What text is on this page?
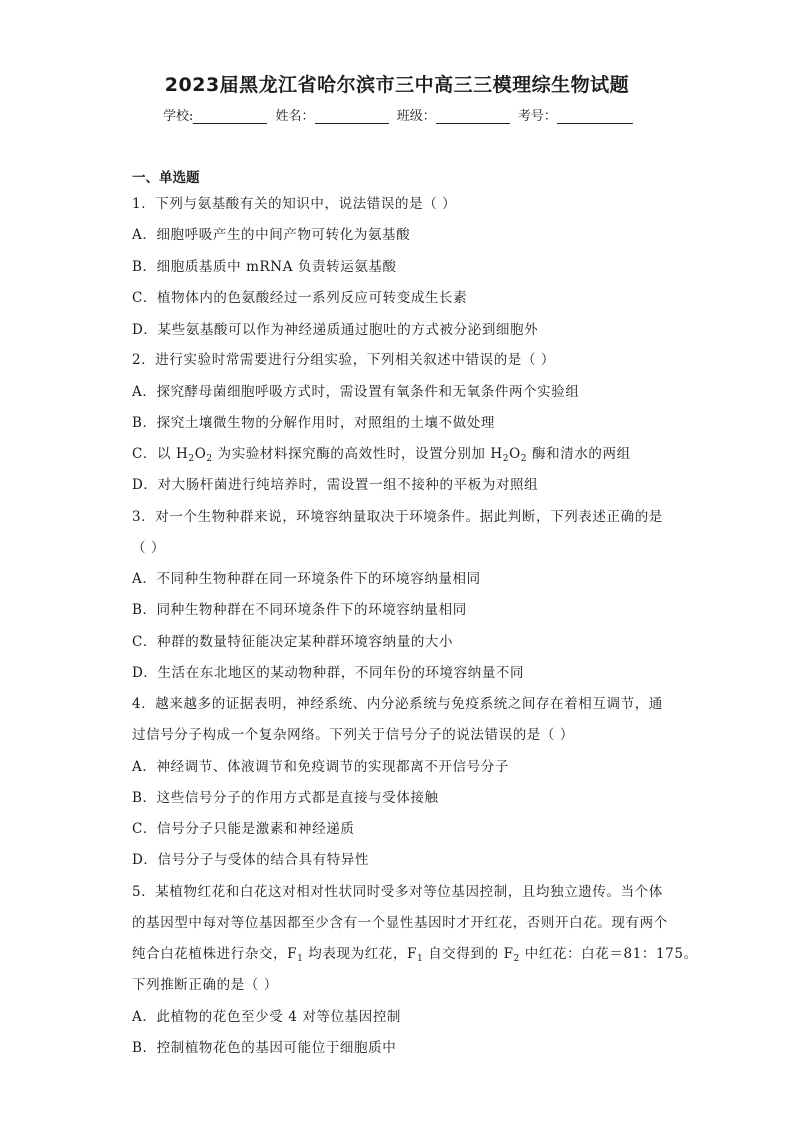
2023届黑龙江省哈尔滨市三中高三三模理综生物试题
学校:	姓名：	班级：	考号：
一、单选题
1．下列与氨基酸有关的知识中，说法错误的是（ ）
A．细胞呼吸产生的中间产物可转化为氨基酸
B．细胞质基质中 mRNA 负责转运氨基酸
C．植物体内的色氨酸经过一系列反应可转变成生长素
D．某些氨基酸可以作为神经递质通过胞吐的方式被分泌到细胞外
2．进行实验时常需要进行分组实验，下列相关叙述中错误的是（ ）
A．探究酵母菌细胞呼吸方式时，需设置有氧条件和无氧条件两个实验组
B．探究土壤微生物的分解作用时，对照组的土壤不做处理
C．以 $H_2O_2$ 为实验材料探究酶的高效性时，设置分别加 $H_2O_2$ 酶和清水的两组
D．对大肠杆菌进行纯培养时，需设置一组不接种的平板为对照组
3．对一个生物种群来说，环境容纳量取决于环境条件。据此判断，下列表述正确的是
（ ）
A．不同种生物种群在同一环境条件下的环境容纳量相同
B．同种生物种群在不同环境条件下的环境容纳量相同
C．种群的数量特征能决定某种群环境容纳量的大小
D．生活在东北地区的某动物种群，不同年份的环境容纳量不同
4．越来越多的证据表明，神经系统、内分泌系统与免疫系统之间存在着相互调节，通
过信号分子构成一个复杂网络。下列关于信号分子的说法错误的是（ ）
A．神经调节、体液调节和免疫调节的实现都离不开信号分子
B．这些信号分子的作用方式都是直接与受体接触
C．信号分子只能是激素和神经递质
D．信号分子与受体的结合具有特异性
5．某植物红花和白花这对相对性状同时受多对等位基因控制，且均独立遗传。当个体
的基因型中每对等位基因都至少含有一个显性基因时才开红花，否则开白花。现有两个
纯合白花植株进行杂交，$F_1$ 均表现为红花，$F_1$ 自交得到的 $F_2$ 中红花：白花＝81：175。
下列推断正确的是（ ）
A．此植物的花色至少受 4 对等位基因控制
B．控制植物花色的基因可能位于细胞质中
